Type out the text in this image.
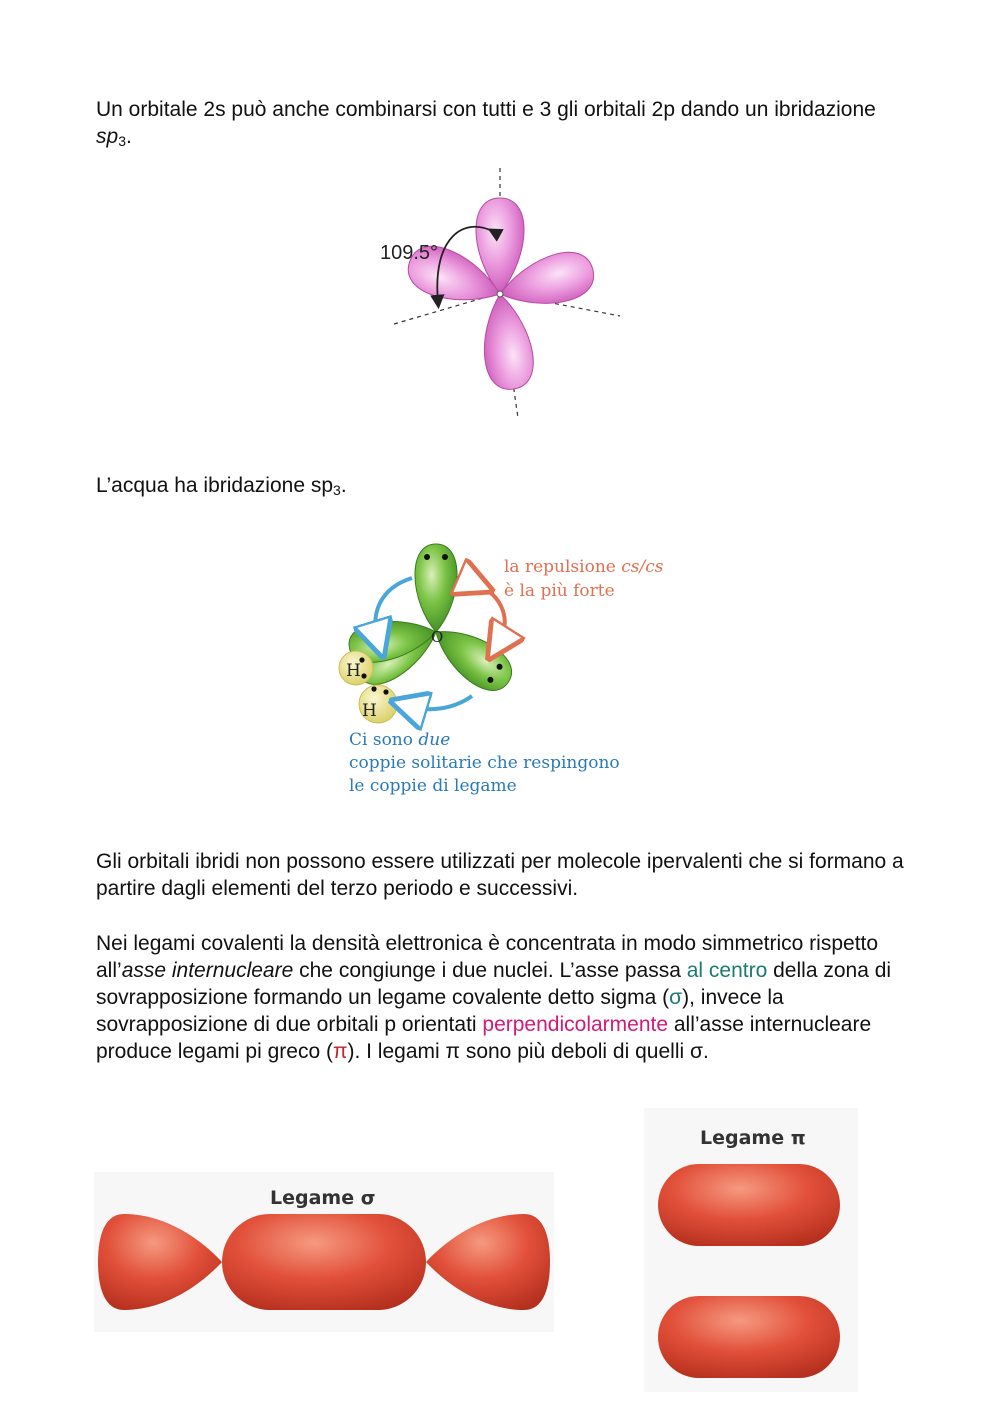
Un orbitale 2s può anche combinarsi con tutti e 3 gli orbitali 2p dando un ibridazione $sp_3$.

109.5°

L’acqua ha ibridazione $sp_3$.

H
H
O
la repulsione cs/cs
è la più forte
Ci sono due
coppie solitarie che respingono
le coppie di legame

Gli orbitali ibridi non possono essere utilizzati per molecole ipervalenti che si formano a partire dagli elementi del terzo periodo e successivi.

Nei legami covalenti la densità elettronica è concentrata in modo simmetrico rispetto all’asse internucleare che congiunge i due nuclei. L’asse passa al centro della zona di sovrapposizione formando un legame covalente detto sigma (σ), invece la sovrapposizione di due orbitali p orientati perpendicolarmente all’asse internucleare produce legami pi greco (π). I legami π sono più deboli di quelli σ.

Legame σ
Legame π
